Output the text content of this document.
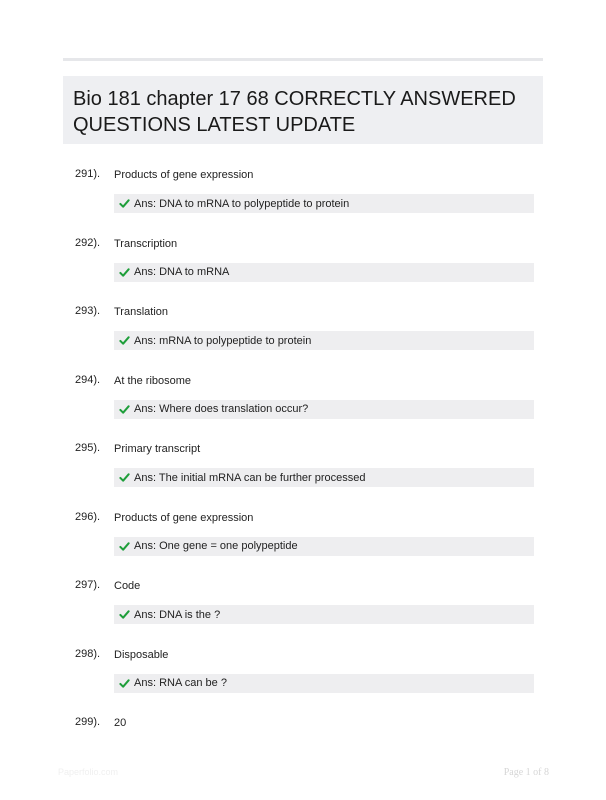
Bio 181 chapter 17 68 CORRECTLY ANSWERED QUESTIONS LATEST UPDATE
291). Products of gene expression
Ans: DNA to mRNA to polypeptide to protein
292). Transcription
Ans: DNA to mRNA
293). Translation
Ans: mRNA to polypeptide to protein
294). At the ribosome
Ans: Where does translation occur?
295). Primary transcript
Ans: The initial mRNA can be further processed
296). Products of gene expression
Ans: One gene = one polypeptide
297). Code
Ans: DNA is the ?
298). Disposable
Ans: RNA can be ?
299). 20
Paperfolio.com	Page 1 of 8
